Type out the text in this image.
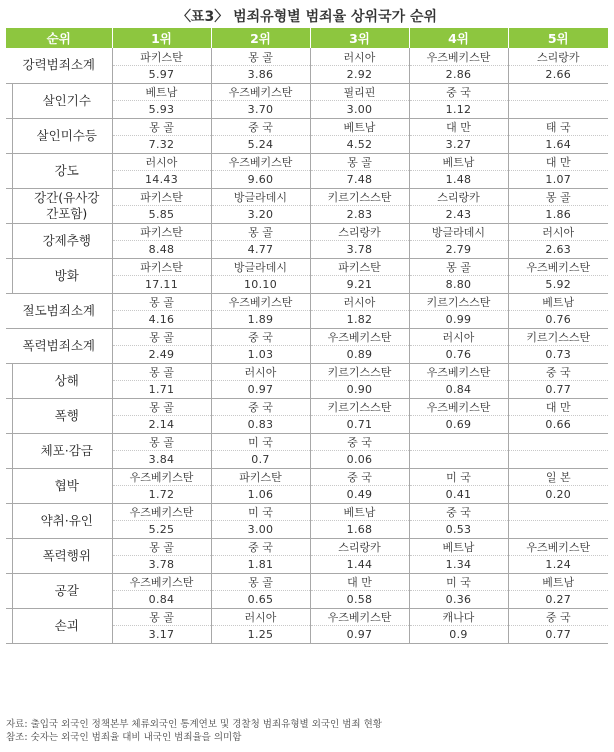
〈표3〉 범죄유형별 범죄율 상위국가 순위
순위	1위	2위	3위	4위	5위
강력범죄소계	파키스탄	몽 골	러시아	우즈베키스탄	스리랑카
	5.97	3.86	2.92	2.86	2.66
살인기수	베트남	우즈베키스탄	필리핀	중 국	
	5.93	3.70	3.00	1.12	
살인미수등	몽 골	중 국	베트남	대 만	태 국
	7.32	5.24	4.52	3.27	1.64
강도	러시아	우즈베키스탄	몽 골	베트남	대 만
	14.43	9.60	7.48	1.48	1.07

강간(유사강
간포함)	파키스탄	방글라데시	키르기스스탄	스리랑카	몽 골
	5.85	3.20	2.83	2.43	1.86
강제추행	파키스탄	몽 골	스리랑카	방글라데시	러시아
	8.48	4.77	3.78	2.79	2.63
방화	파키스탄	방글라데시	파키스탄	몽 골	우즈베키스탄
	17.11	10.10	9.21	8.80	5.92
절도범죄소계	몽 골	우즈베키스탄	러시아	키르기스스탄	베트남
	4.16	1.89	1.82	0.99	0.76
폭력범죄소계	몽 골	중 국	우즈베키스탄	러시아	키르기스스탄
	2.49	1.03	0.89	0.76	0.73
상해	몽 골	러시아	키르기스스탄	우즈베키스탄	중 국
	1.71	0.97	0.90	0.84	0.77
폭행	몽 골	중 국	키르기스스탄	우즈베키스탄	대 만
	2.14	0.83	0.71	0.69	0.66
체포·감금	몽 골	미 국	중 국		
	3.84	0.7	0.06		
협박	우즈베키스탄	파키스탄	중 국	미 국	일 본
	1.72	1.06	0.49	0.41	0.20
약취·유인	우즈베키스탄	미 국	베트남	중 국	
	5.25	3.00	1.68	0.53	
폭력행위	몽 골	중 국	스리랑카	베트남	우즈베키스탄
	3.78	1.81	1.44	1.34	1.24
공갈	우즈베키스탄	몽 골	대 만	미 국	베트남
	0.84	0.65	0.58	0.36	0.27
손괴	몽 골	러시아	우즈베키스탄	캐나다	중 국
	3.17	1.25	0.97	0.9	0.77
자료: 출입국 외국인 정책본부 체류외국인 통계연보 및 경찰청 범죄유형별 외국인 범죄 현황
참조: 숫자는 외국인 범죄율 대비 내국인 범죄율을 의미함
